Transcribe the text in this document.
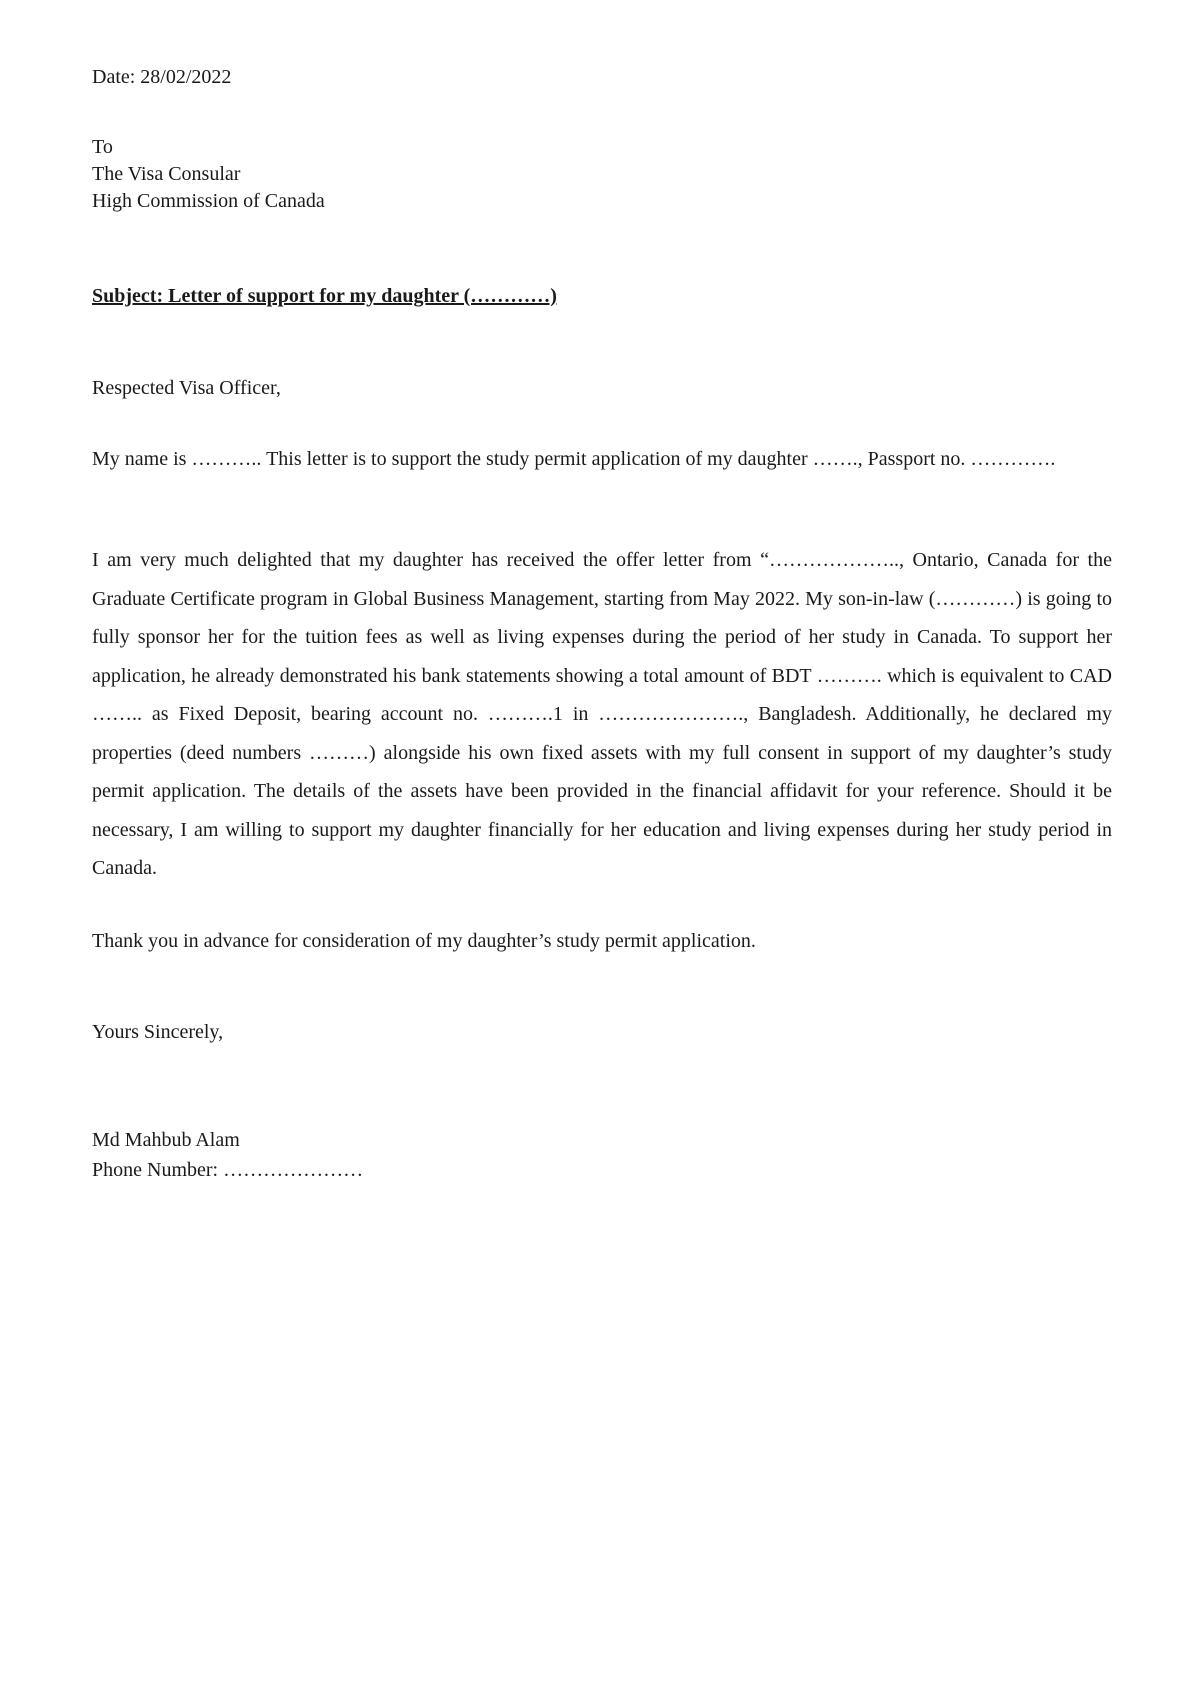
Date: 28/02/2022
To
The Visa Consular
High Commission of Canada
Subject: Letter of support for my daughter (…………)
Respected Visa Officer,
My name is ……….. This letter is to support the study permit application of my daughter ……., Passport no. ………….
I am very much delighted that my daughter has received the offer letter from “……………….., Ontario, Canada for the Graduate Certificate program in Global Business Management, starting from May 2022. My son-in-law (…………) is going to fully sponsor her for the tuition fees as well as living expenses during the period of her study in Canada. To support her application, he already demonstrated his bank statements showing a total amount of BDT ………. which is equivalent to CAD …….. as Fixed Deposit, bearing account no. ……….1 in …………………., Bangladesh. Additionally, he declared my properties (deed numbers ………) alongside his own fixed assets with my full consent in support of my daughter’s study permit application. The details of the assets have been provided in the financial affidavit for your reference. Should it be necessary, I am willing to support my daughter financially for her education and living expenses during her study period in Canada.
Thank you in advance for consideration of my daughter’s study permit application.
Yours Sincerely,
Md Mahbub Alam
Phone Number: …………………
